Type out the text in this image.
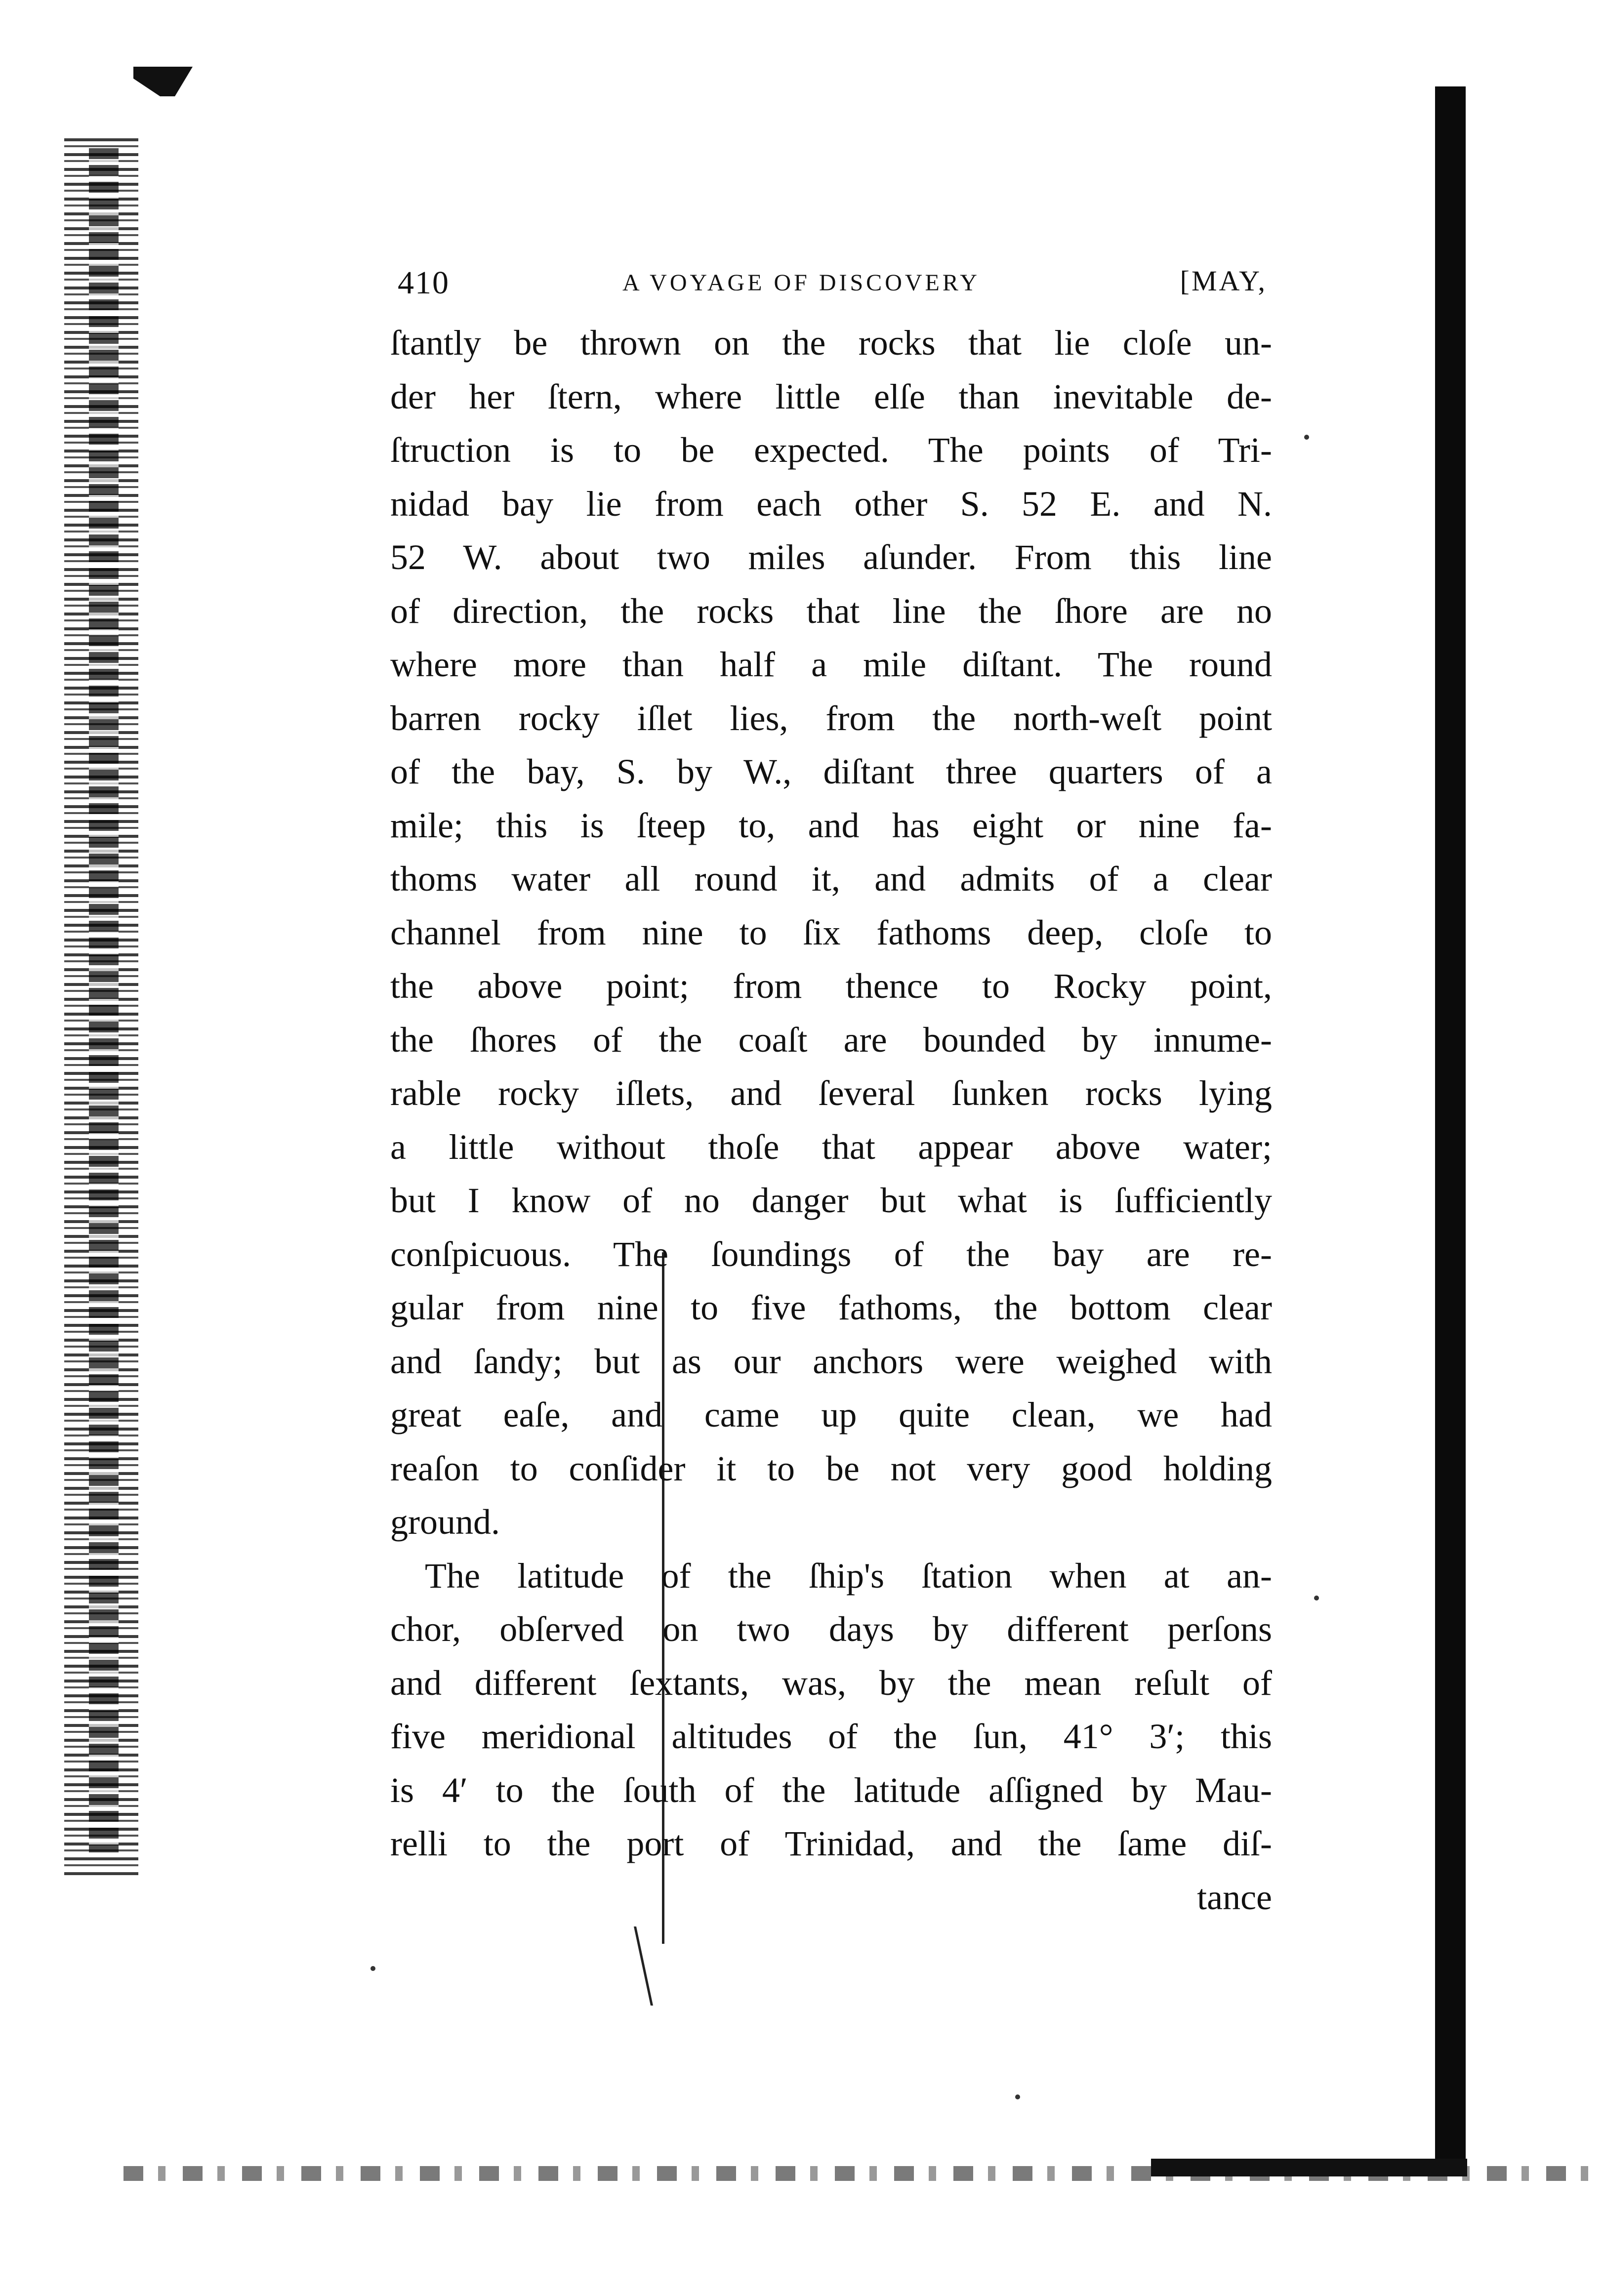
410	A VOYAGE OF DISCOVERY	[MAY,
ſtantly be thrown on the rocks that lie cloſe un-
der her ſtern, where little elſe than inevitable de-
ſtruction is to be expected. The points of Tri-
nidad bay lie from each other S. 52 E. and N.
52 W. about two miles aſunder. From this line
of direction, the rocks that line the ſhore are no
where more than half a mile diſtant. The round
barren rocky iſlet lies, from the north-weſt point
of the bay, S. by W., diſtant three quarters of a
mile; this is ſteep to, and has eight or nine fa-
thoms water all round it, and admits of a clear
channel from nine to ſix fathoms deep, cloſe to
the above point; from thence to Rocky point,
the ſhores of the coaſt are bounded by innume-
rable rocky iſlets, and ſeveral ſunken rocks lying
a little without thoſe that appear above water;
but I know of no danger but what is ſufficiently
conſpicuous. The ſoundings of the bay are re-
gular from nine to five fathoms, the bottom clear
and ſandy; but as our anchors were weighed with
great eaſe, and came up quite clean, we had
reaſon to conſider it to be not very good holding
ground.
The latitude of the ſhip's ſtation when at an-
chor, obſerved on two days by different perſons
and different ſextants, was, by the mean reſult of
five meridional altitudes of the ſun, 41° 3′; this
is 4′ to the ſouth of the latitude aſſigned by Mau-
relli to the port of Trinidad, and the ſame diſ-
tance
